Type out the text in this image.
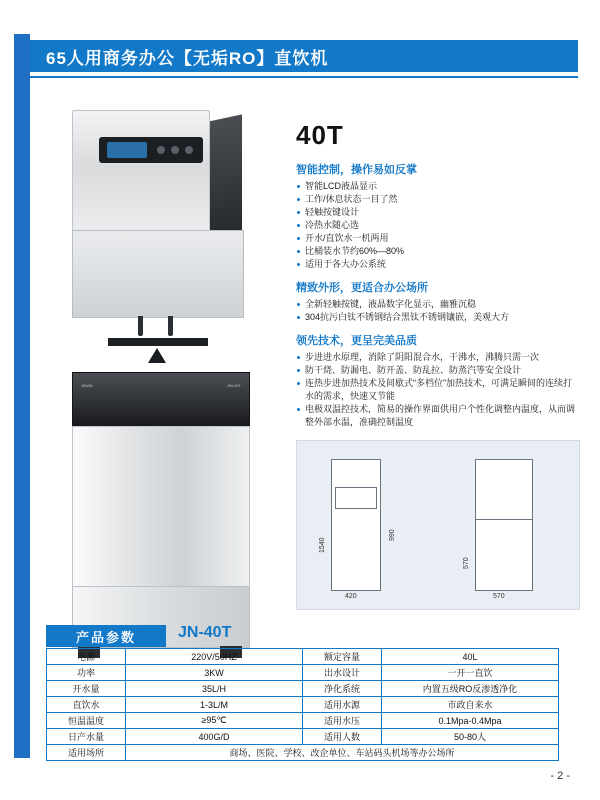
65人用商务办公【无垢RO】直饮机
JINAN	JIN-40T
40T
智能控制，操作易如反掌
智能LCD液晶显示
工作/休息状态一目了然
轻触按键设计
冷热水随心选
开水/直饮水一机两用
比桶装水节约60%—80%
适用于各大办公系统
精致外形，更适合办公场所
全新轻触按键，液晶数字化显示，幽雅沉稳
304抗污白钛不锈钢结合黑钛不锈钢镶嵌，美观大方
领先技术，更呈完美品质
步进进水原理，消除了阴阳混合水，干沸水，沸腾只需一次
防干烧、防漏电、防开盖、防乱拉、防蒸汽等安全设计
连热步进加热技术及间歇式“多档位”加热技术，可满足瞬间的连续打水的需求，快速又节能
电极双温控技术，简易的操作界面供用户个性化调整内温度，从而调整外部水温，准确控制温度
1540
990
420
570
570
产品参数	JN-40T
电源	220V/50HZ	额定容量	40L
功率	3KW	出水设计	一开一直饮
开水量	35L/H	净化系统	内置五级RO反渗透净化
直饮水	1-3L/M	适用水源	市政自来水
恒温温度	≥95℃	适用水压	0.1Mpa-0.4Mpa
日产水量	400G/D	适用人数	50-80人
适用场所	商场、医院、学校、改企单位、车站码头机场等办公场所		
- 2 -
